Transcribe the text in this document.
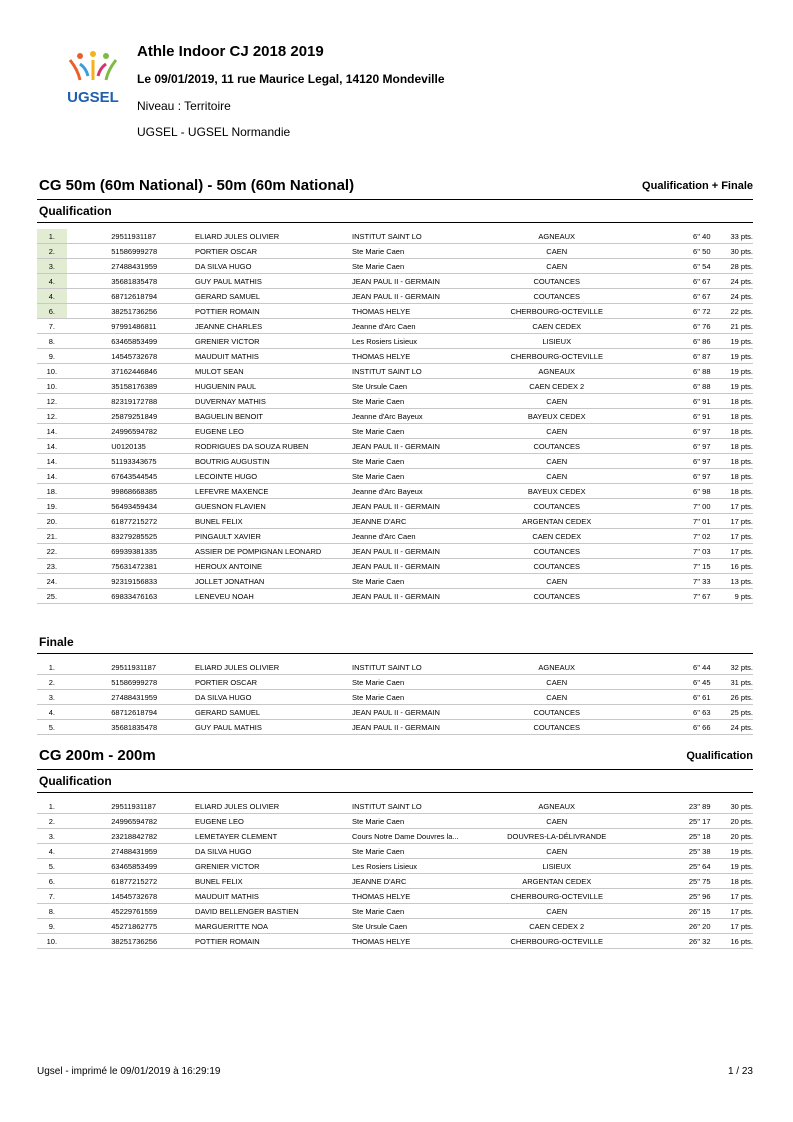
UGSEL
Athle Indoor CJ 2018 2019
Le 09/01/2019, 11 rue Maurice Legal, 14120 Mondeville
Niveau : Territoire
UGSEL - UGSEL Normandie
CG 50m (60m National) - 50m (60m National)	Qualification + Finale
Qualification
1.		29511931187	ELIARD JULES OLIVIER	INSTITUT SAINT LO	AGNEAUX	6'' 40	33 pts.
2.		51586999278	PORTIER OSCAR	Ste Marie Caen	CAEN	6'' 50	30 pts.
3.		27488431959	DA SILVA HUGO	Ste Marie Caen	CAEN	6'' 54	28 pts.
4.		35681835478	GUY PAUL MATHIS	JEAN PAUL II - GERMAIN	COUTANCES	6'' 67	24 pts.
4.		68712618794	GERARD SAMUEL	JEAN PAUL II - GERMAIN	COUTANCES	6'' 67	24 pts.
6.		38251736256	POTTIER ROMAIN	THOMAS HELYE	CHERBOURG-OCTEVILLE	6'' 72	22 pts.
7.		97991486811	JEANNE CHARLES	Jeanne d'Arc Caen	CAEN CEDEX	6'' 76	21 pts.
8.		63465853499	GRENIER VICTOR	Les Rosiers Lisieux	LISIEUX	6'' 86	19 pts.
9.		14545732678	MAUDUIT MATHIS	THOMAS HELYE	CHERBOURG-OCTEVILLE	6'' 87	19 pts.
10.		37162446846	MULOT SEAN	INSTITUT SAINT LO	AGNEAUX	6'' 88	19 pts.
10.		35158176389	HUGUENIN PAUL	Ste Ursule Caen	CAEN CEDEX 2	6'' 88	19 pts.
12.		82319172788	DUVERNAY MATHIS	Ste Marie Caen	CAEN	6'' 91	18 pts.
12.		25879251849	BAGUELIN BENOIT	Jeanne d'Arc Bayeux	BAYEUX CEDEX	6'' 91	18 pts.
14.		24996594782	EUGENE LEO	Ste Marie Caen	CAEN	6'' 97	18 pts.
14.		U0120135	RODRIGUES DA SOUZA RUBEN	JEAN PAUL II - GERMAIN	COUTANCES	6'' 97	18 pts.
14.		51193343675	BOUTRIG AUGUSTIN	Ste Marie Caen	CAEN	6'' 97	18 pts.
14.		67643544545	LECOINTE HUGO	Ste Marie Caen	CAEN	6'' 97	18 pts.
18.		99868668385	LEFEVRE MAXENCE	Jeanne d'Arc Bayeux	BAYEUX CEDEX	6'' 98	18 pts.
19.		56493459434	GUESNON FLAVIEN	JEAN PAUL II - GERMAIN	COUTANCES	7'' 00	17 pts.
20.		61877215272	BUNEL FELIX	JEANNE D'ARC	ARGENTAN CEDEX	7'' 01	17 pts.
21.		83279285525	PINGAULT XAVIER	Jeanne d'Arc Caen	CAEN CEDEX	7'' 02	17 pts.
22.		69939381335	ASSIER DE POMPIGNAN LEONARD	JEAN PAUL II - GERMAIN	COUTANCES	7'' 03	17 pts.
23.		75631472381	HEROUX ANTOINE	JEAN PAUL II - GERMAIN	COUTANCES	7'' 15	16 pts.
24.		92319156833	JOLLET JONATHAN	Ste Marie Caen	CAEN	7'' 33	13 pts.
25.		69833476163	LENEVEU NOAH	JEAN PAUL II - GERMAIN	COUTANCES	7'' 67	9 pts.
Finale
1.		29511931187	ELIARD JULES OLIVIER	INSTITUT SAINT LO	AGNEAUX	6'' 44	32 pts.
2.		51586999278	PORTIER OSCAR	Ste Marie Caen	CAEN	6'' 45	31 pts.
3.		27488431959	DA SILVA HUGO	Ste Marie Caen	CAEN	6'' 61	26 pts.
4.		68712618794	GERARD SAMUEL	JEAN PAUL II - GERMAIN	COUTANCES	6'' 63	25 pts.
5.		35681835478	GUY PAUL MATHIS	JEAN PAUL II - GERMAIN	COUTANCES	6'' 66	24 pts.
CG 200m - 200m	Qualification
Qualification
1.		29511931187	ELIARD JULES OLIVIER	INSTITUT SAINT LO	AGNEAUX	23'' 89	30 pts.
2.		24996594782	EUGENE LEO	Ste Marie Caen	CAEN	25'' 17	20 pts.
3.		23218842782	LEMETAYER CLEMENT	Cours Notre Dame Douvres la...	DOUVRES-LA-DÉLIVRANDE	25'' 18	20 pts.
4.		27488431959	DA SILVA HUGO	Ste Marie Caen	CAEN	25'' 38	19 pts.
5.		63465853499	GRENIER VICTOR	Les Rosiers Lisieux	LISIEUX	25'' 64	19 pts.
6.		61877215272	BUNEL FELIX	JEANNE D'ARC	ARGENTAN CEDEX	25'' 75	18 pts.
7.		14545732678	MAUDUIT MATHIS	THOMAS HELYE	CHERBOURG-OCTEVILLE	25'' 96	17 pts.
8.		45229761559	DAVID BELLENGER BASTIEN	Ste Marie Caen	CAEN	26'' 15	17 pts.
9.		45271862775	MARGUERITTE NOA	Ste Ursule Caen	CAEN CEDEX 2	26'' 20	17 pts.
10.		38251736256	POTTIER ROMAIN	THOMAS HELYE	CHERBOURG-OCTEVILLE	26'' 32	16 pts.
Ugsel - imprimé le 09/01/2019 à 16:29:19	1 / 23
